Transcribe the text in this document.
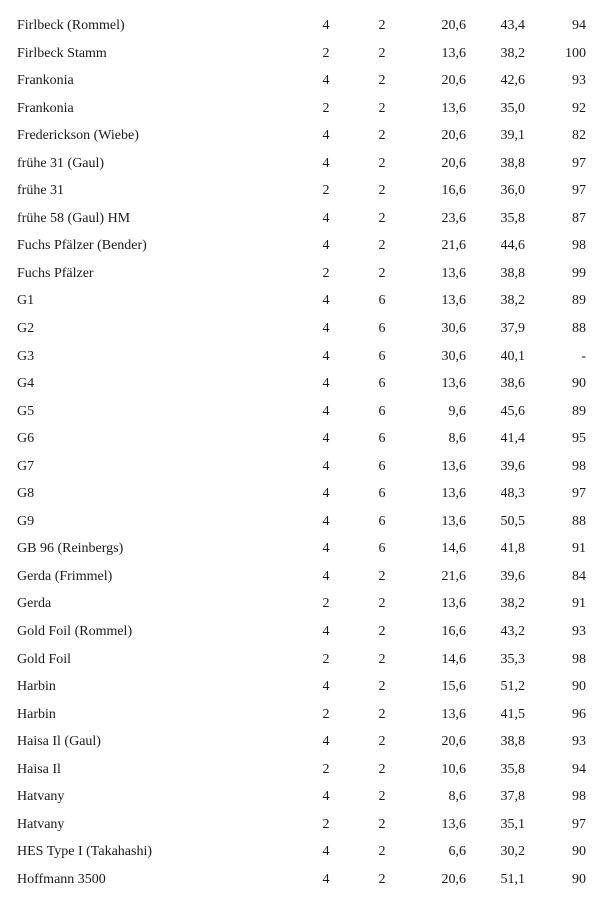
Firlbeck (Rommel)	4	2	20,6	43,4	94
Firlbeck Stamm	2	2	13,6	38,2	100
Frankonia	4	2	20,6	42,6	93
Frankonia	2	2	13,6	35,0	92
Frederickson (Wiebe)	4	2	20,6	39,1	82
frühe 31 (Gaul)	4	2	20,6	38,8	97
frühe 31	2	2	16,6	36,0	97
frühe 58 (Gaul) HM	4	2	23,6	35,8	87
Fuchs Pfälzer (Bender)	4	2	21,6	44,6	98
Fuchs Pfälzer	2	2	13,6	38,8	99
G1	4	6	13,6	38,2	89
G2	4	6	30,6	37,9	88
G3	4	6	30,6	40,1	-
G4	4	6	13,6	38,6	90
G5	4	6	9,6	45,6	89
G6	4	6	8,6	41,4	95
G7	4	6	13,6	39,6	98
G8	4	6	13,6	48,3	97
G9	4	6	13,6	50,5	88
GB 96 (Reinbergs)	4	6	14,6	41,8	91
Gerda (Frimmel)	4	2	21,6	39,6	84
Gerda	2	2	13,6	38,2	91
Gold Foil (Rommel)	4	2	16,6	43,2	93
Gold Foil	2	2	14,6	35,3	98
Harbin	4	2	15,6	51,2	90
Harbin	2	2	13,6	41,5	96
Haisa Il (Gaul)	4	2	20,6	38,8	93
Haisa Il	2	2	10,6	35,8	94
Hatvany	4	2	8,6	37,8	98
Hatvany	2	2	13,6	35,1	97
HES Type I (Takahashi)	4	2	6,6	30,2	90
Hoffmann 3500	4	2	20,6	51,1	90
